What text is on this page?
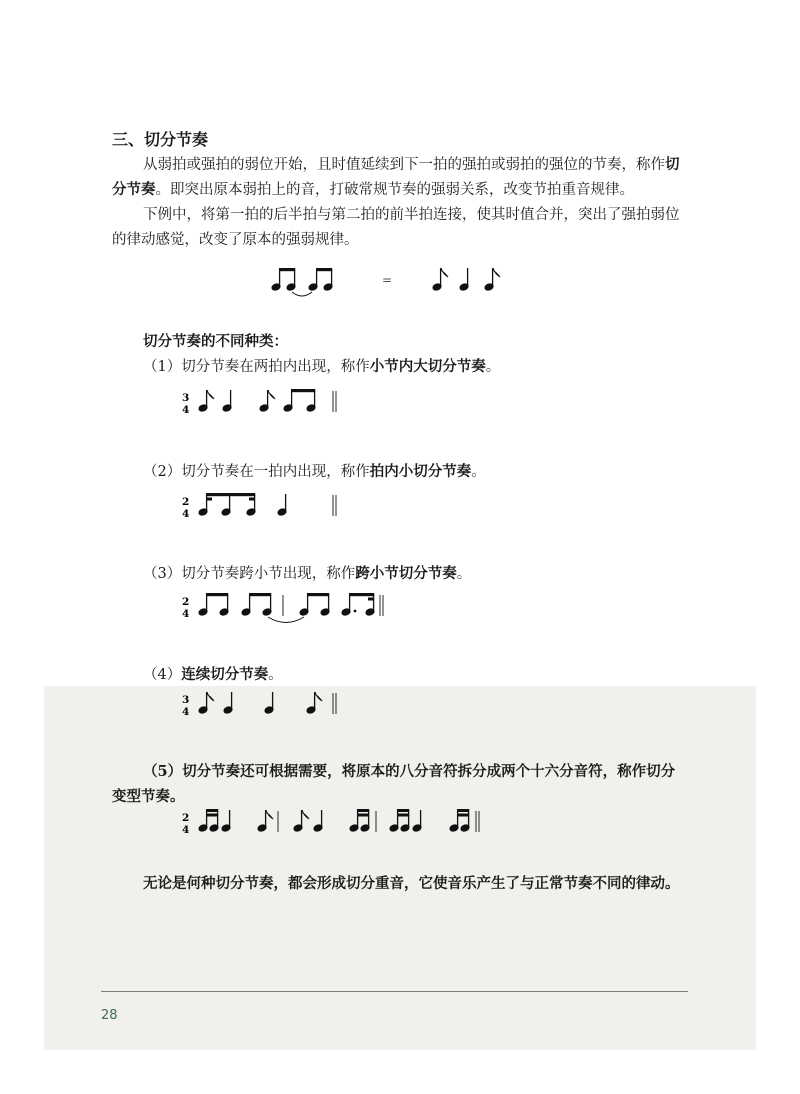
三、切分节奏
从弱拍或强拍的弱位开始，且时值延续到下一拍的强拍或弱拍的强位的节奏，称作切
分节奏。即突出原本弱拍上的音，打破常规节奏的强弱关系，改变节拍重音规律。
下例中，将第一拍的后半拍与第二拍的前半拍连接，使其时值合并，突出了强拍弱位
的律动感觉，改变了原本的强弱规律。
=
切分节奏的不同种类：
（1）切分节奏在两拍内出现，称作小节内大切分节奏。
3
4
（2）切分节奏在一拍内出现，称作拍内小切分节奏。
2
4
（3）切分节奏跨小节出现，称作跨小节切分节奏。
2
4
（4）连续切分节奏。
3
4
（5）切分节奏还可根据需要，将原本的八分音符拆分成两个十六分音符，称作切分
变型节奏。
2
4
无论是何种切分节奏，都会形成切分重音，它使音乐产生了与正常节奏不同的律动。
28
